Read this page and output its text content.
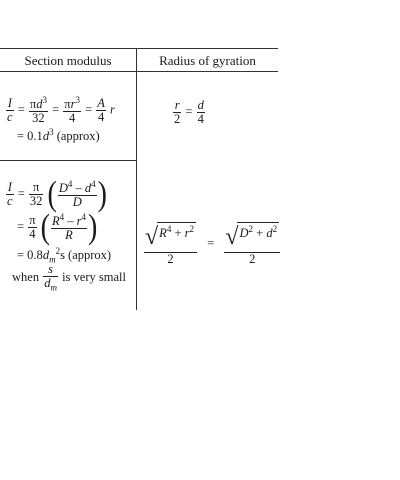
Section modulus	Radius of gyration
$\frac{I}{c} = \frac{\pi d^3}{32} = \frac{\pi r^3}{4} = \frac{A}{4}$ r
= $0.1d^3$ (approx)
$\frac{r}{2} = \frac{d}{4}$
$\frac{I}{c} = \frac{\pi}{32}$ ( $\frac{D^4 - d^4}{D}$ )
= $\frac{\pi}{4}$ ( $\frac{R^4 - r^4}{R}$ )
= $0.8d_m^2s$ (approx)
when $\frac{s}{d_m}$ is very small
$\frac{√ R^4 + r^2}{2} = \frac{√ D^2 + d^2}{2}$
